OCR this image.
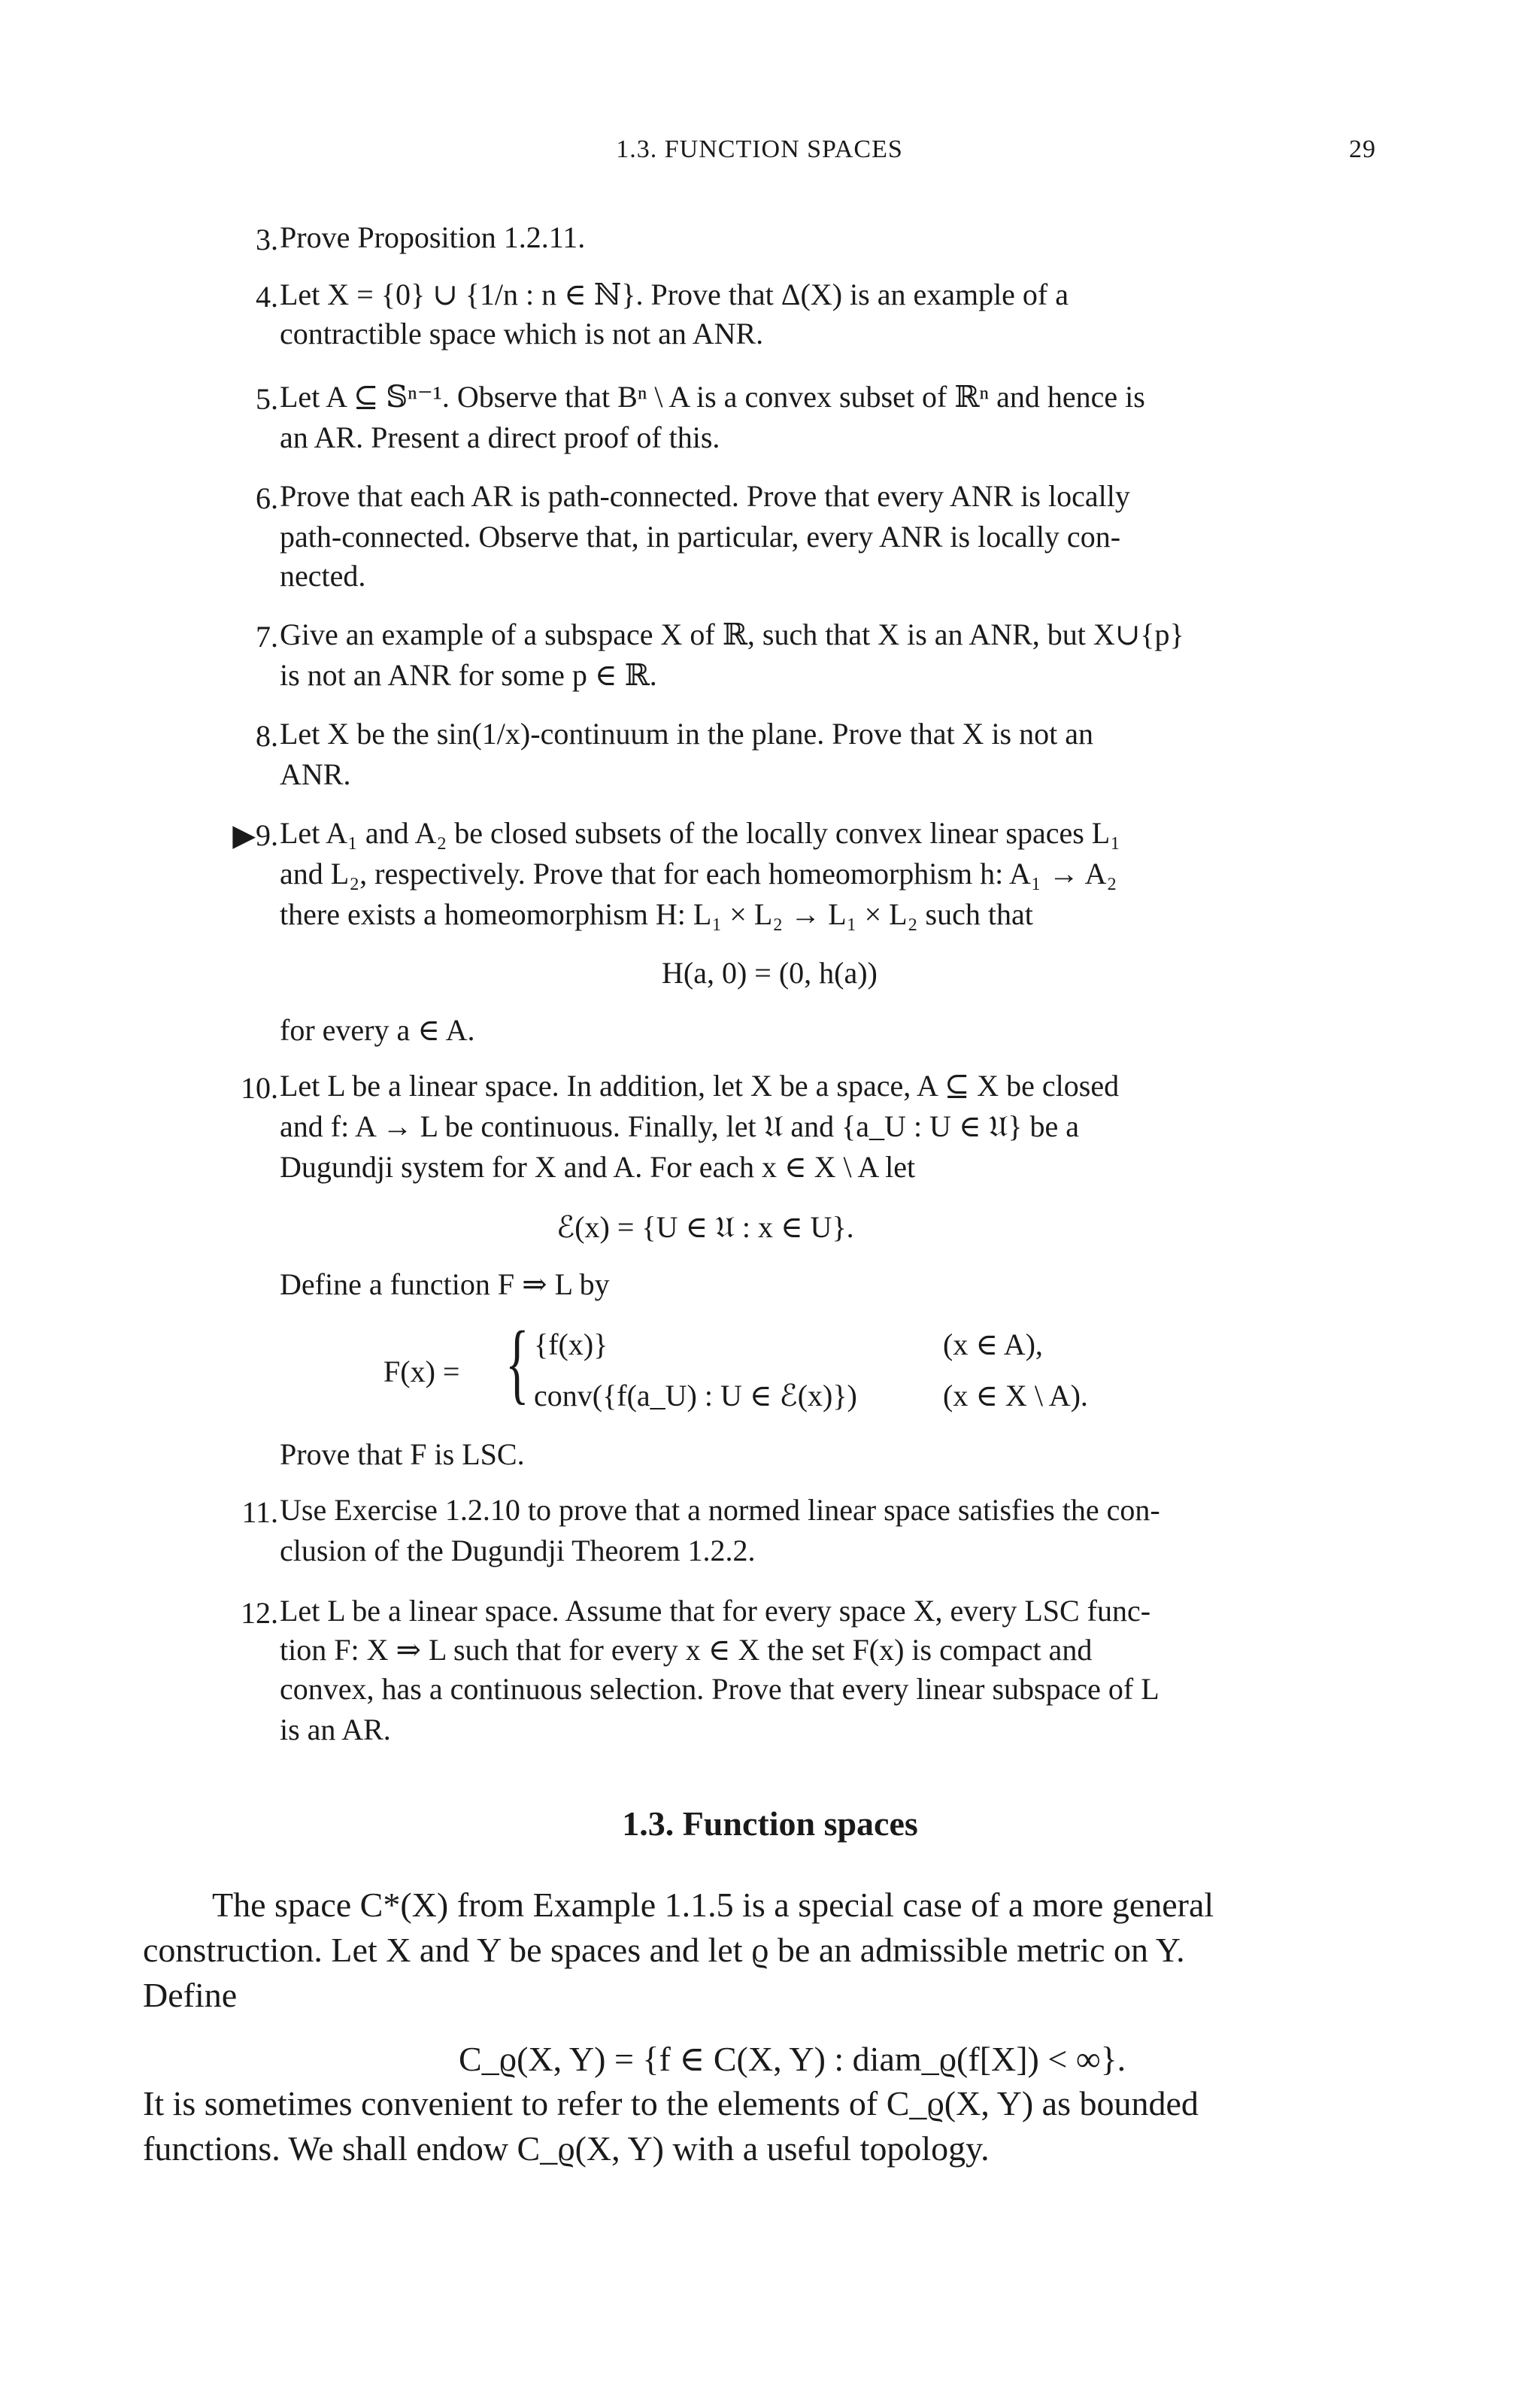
1.3. FUNCTION SPACES	29
3. Prove Proposition 1.2.11.
4. Let X = {0} ∪ {1/n : n ∈ ℕ}. Prove that Δ(X) is an example of a
contractible space which is not an ANR.
5. Let A ⊆ 𝕊ⁿ⁻¹. Observe that Bⁿ \ A is a convex subset of ℝⁿ and hence is
an AR. Present a direct proof of this.
6. Prove that each AR is path-connected. Prove that every ANR is locally
path-connected. Observe that, in particular, every ANR is locally con-
nected.
7. Give an example of a subspace X of ℝ, such that X is an ANR, but X∪{p}
is not an ANR for some p ∈ ℝ.
8. Let X be the sin(1/x)-continuum in the plane. Prove that X is not an
ANR.
▶9. Let A₁ and A₂ be closed subsets of the locally convex linear spaces L₁
and L₂, respectively. Prove that for each homeomorphism h: A₁ → A₂
there exists a homeomorphism H: L₁ × L₂ → L₁ × L₂ such that
H(a, 0) = (0, h(a))
for every a ∈ A.
10. Let L be a linear space. In addition, let X be a space, A ⊆ X be closed
and f: A → L be continuous. Finally, let 𝔘 and {a_U : U ∈ 𝔘} be a
Dugundji system for X and A. For each x ∈ X \ A let
ℰ(x) = {U ∈ 𝔘 : x ∈ U}.
Define a function F ⇒ L by
F(x) = { {f(x)}	(x ∈ A),
conv({f(a_U) : U ∈ ℰ(x)})	(x ∈ X \ A).
Prove that F is LSC.
11. Use Exercise 1.2.10 to prove that a normed linear space satisfies the con-
clusion of the Dugundji Theorem 1.2.2.
12. Let L be a linear space. Assume that for every space X, every LSC func-
tion F: X ⇒ L such that for every x ∈ X the set F(x) is compact and
convex, has a continuous selection. Prove that every linear subspace of L
is an AR.
1.3. Function spaces
The space C*(X) from Example 1.1.5 is a special case of a more general
construction. Let X and Y be spaces and let ϱ be an admissible metric on Y.
Define
C_ϱ(X, Y) = {f ∈ C(X, Y) : diam_ϱ(f[X]) < ∞}.
It is sometimes convenient to refer to the elements of C_ϱ(X, Y) as bounded
functions. We shall endow C_ϱ(X, Y) with a useful topology.
